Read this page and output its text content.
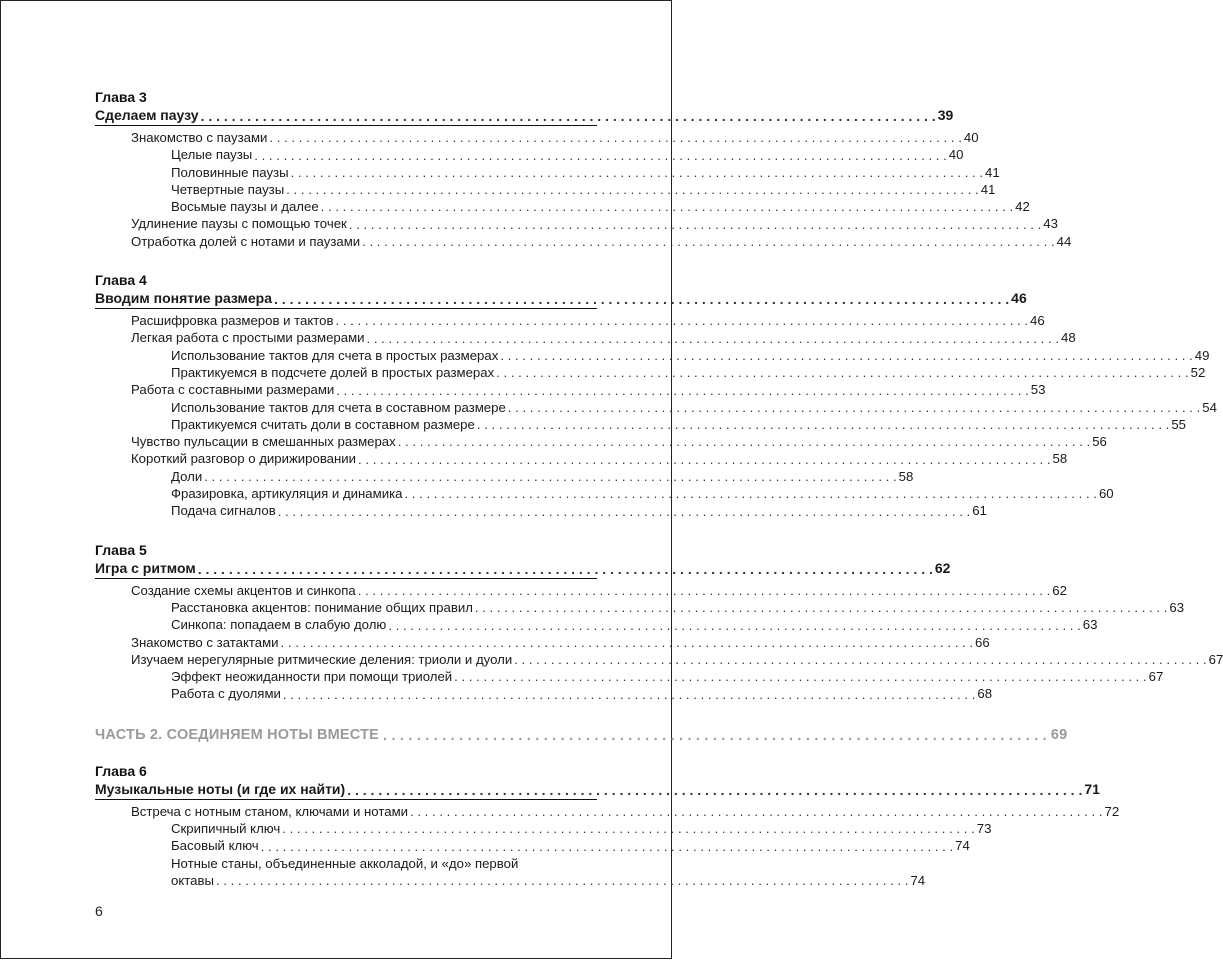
Глава 3
Сделаем паузу . . .	39
Знакомство с паузами . . .	40
Целые паузы . . .	40
Половинные паузы . . .	41
Четвертные паузы . . .	41
Восьмые паузы и далее . . .	42
Удлинение паузы с помощью точек . . .	43
Отработка долей с нотами и паузами . . .	44
Глава 4
Вводим понятие размера . . .	46
Расшифровка размеров и тактов . . .	46
Легкая работа с простыми размерами . . .	48
Использование тактов для счета в простых размерах . . .	49
Практикуемся в подсчете долей в простых размерах . . .	52
Работа с составными размерами . . .	53
Использование тактов для счета в составном размере . . .	54
Практикуемся считать доли в составном размере . . .	55
Чувство пульсации в смешанных размерах . . .	56
Короткий разговор о дирижировании . . .	58
Доли . . .	58
Фразировка, артикуляция и динамика . . .	60
Подача сигналов . . .	61
Глава 5
Игра с ритмом . . .	62
Создание схемы акцентов и синкопа . . .	62
Расстановка акцентов: понимание общих правил . . .	63
Синкопа: попадаем в слабую долю . . .	63
Знакомство с затактами . . .	66
Изучаем нерегулярные ритмические деления: триоли и дуоли . . .	67
Эффект неожиданности при помощи триолей . . .	67
Работа с дуолями . . .	68
ЧАСТЬ 2. СОЕДИНЯЕМ НОТЫ ВМЕСТЕ . . .	69
Глава 6
Музыкальные ноты (и где их найти) . . .	71
Встреча с нотным станом, ключами и нотами . . .	72
Скрипичный ключ . . .	73
Басовый ключ . . .	74
Нотные станы, объединенные акколадой, и «до» первой
октавы . . .	74
6
